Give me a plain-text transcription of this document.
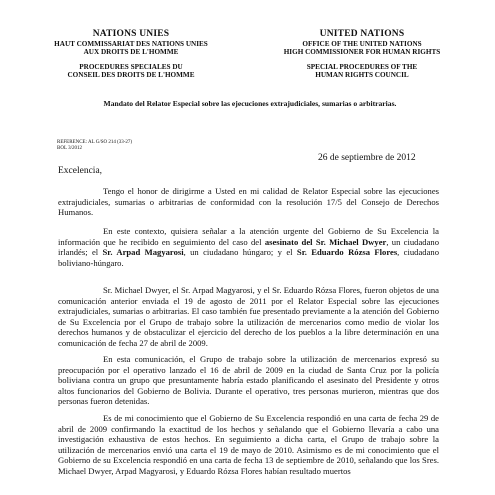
NATIONS UNIES
HAUT COMMISSARIAT DES NATIONS UNIES
AUX DROITS DE L'HOMME
PROCEDURES SPECIALES DU
CONSEIL DES DROITS DE L'HOMME
UNITED NATIONS
OFFICE OF THE UNITED NATIONS
HIGH COMMISSIONER FOR HUMAN RIGHTS
SPECIAL PROCEDURES OF THE
HUMAN RIGHTS COUNCIL
Mandato del Relator Especial sobre las ejecuciones extrajudiciales, sumarias o arbitrarias.
REFERENCE: AL G/SO 214 (33-27)
BOL 3/2012
26 de septiembre de 2012
Excelencia,

Tengo el honor de dirigirme a Usted en mi calidad de Relator Especial sobre las ejecuciones extrajudiciales, sumarias o arbitrarias de conformidad con la resolución 17/5 del Consejo de Derechos Humanos.

En este contexto, quisiera señalar a la atención urgente del Gobierno de Su Excelencia la información que he recibido en seguimiento del caso del asesinato del Sr. Michael Dwyer, un ciudadano irlandés; el Sr. Arpad Magyarosi, un ciudadano húngaro; y el Sr. Eduardo Rózsa Flores, ciudadano boliviano-húngaro.

Sr. Michael Dwyer, el Sr. Arpad Magyarosi, y el Sr. Eduardo Rózsa Flores, fueron objetos de una comunicación anterior enviada el 19 de agosto de 2011 por el Relator Especial sobre las ejecuciones extrajudiciales, sumarias o arbitrarias. El caso también fue presentado previamente a la atención del Gobierno de Su Excelencia por el Grupo de trabajo sobre la utilización de mercenarios como medio de violar los derechos humanos y de obstaculizar el ejercicio del derecho de los pueblos a la libre determinación en una comunicación de fecha 27 de abril de 2009.

En esta comunicación, el Grupo de trabajo sobre la utilización de mercenarios expresó su preocupación por el operativo lanzado el 16 de abril de 2009 en la ciudad de Santa Cruz por la policía boliviana contra un grupo que presuntamente habría estado planificando el asesinato del Presidente y otros altos funcionarios del Gobierno de Bolivia. Durante el operativo, tres personas murieron, mientras que dos personas fueron detenidas.

Es de mi conocimiento que el Gobierno de Su Excelencia respondió en una carta de fecha 29 de abril de 2009 confirmando la exactitud de los hechos y señalando que el Gobierno llevaría a cabo una investigación exhaustiva de estos hechos. En seguimiento a dicha carta, el Grupo de trabajo sobre la utilización de mercenarios envió una carta el 19 de mayo de 2010. Asimismo es de mi conocimiento que el Gobierno de su Excelencia respondió en una carta de fecha 13 de septiembre de 2010, señalando que los Sres. Michael Dwyer, Arpad Magyarosi, y Eduardo Rózsa Flores habían resultado muertos
